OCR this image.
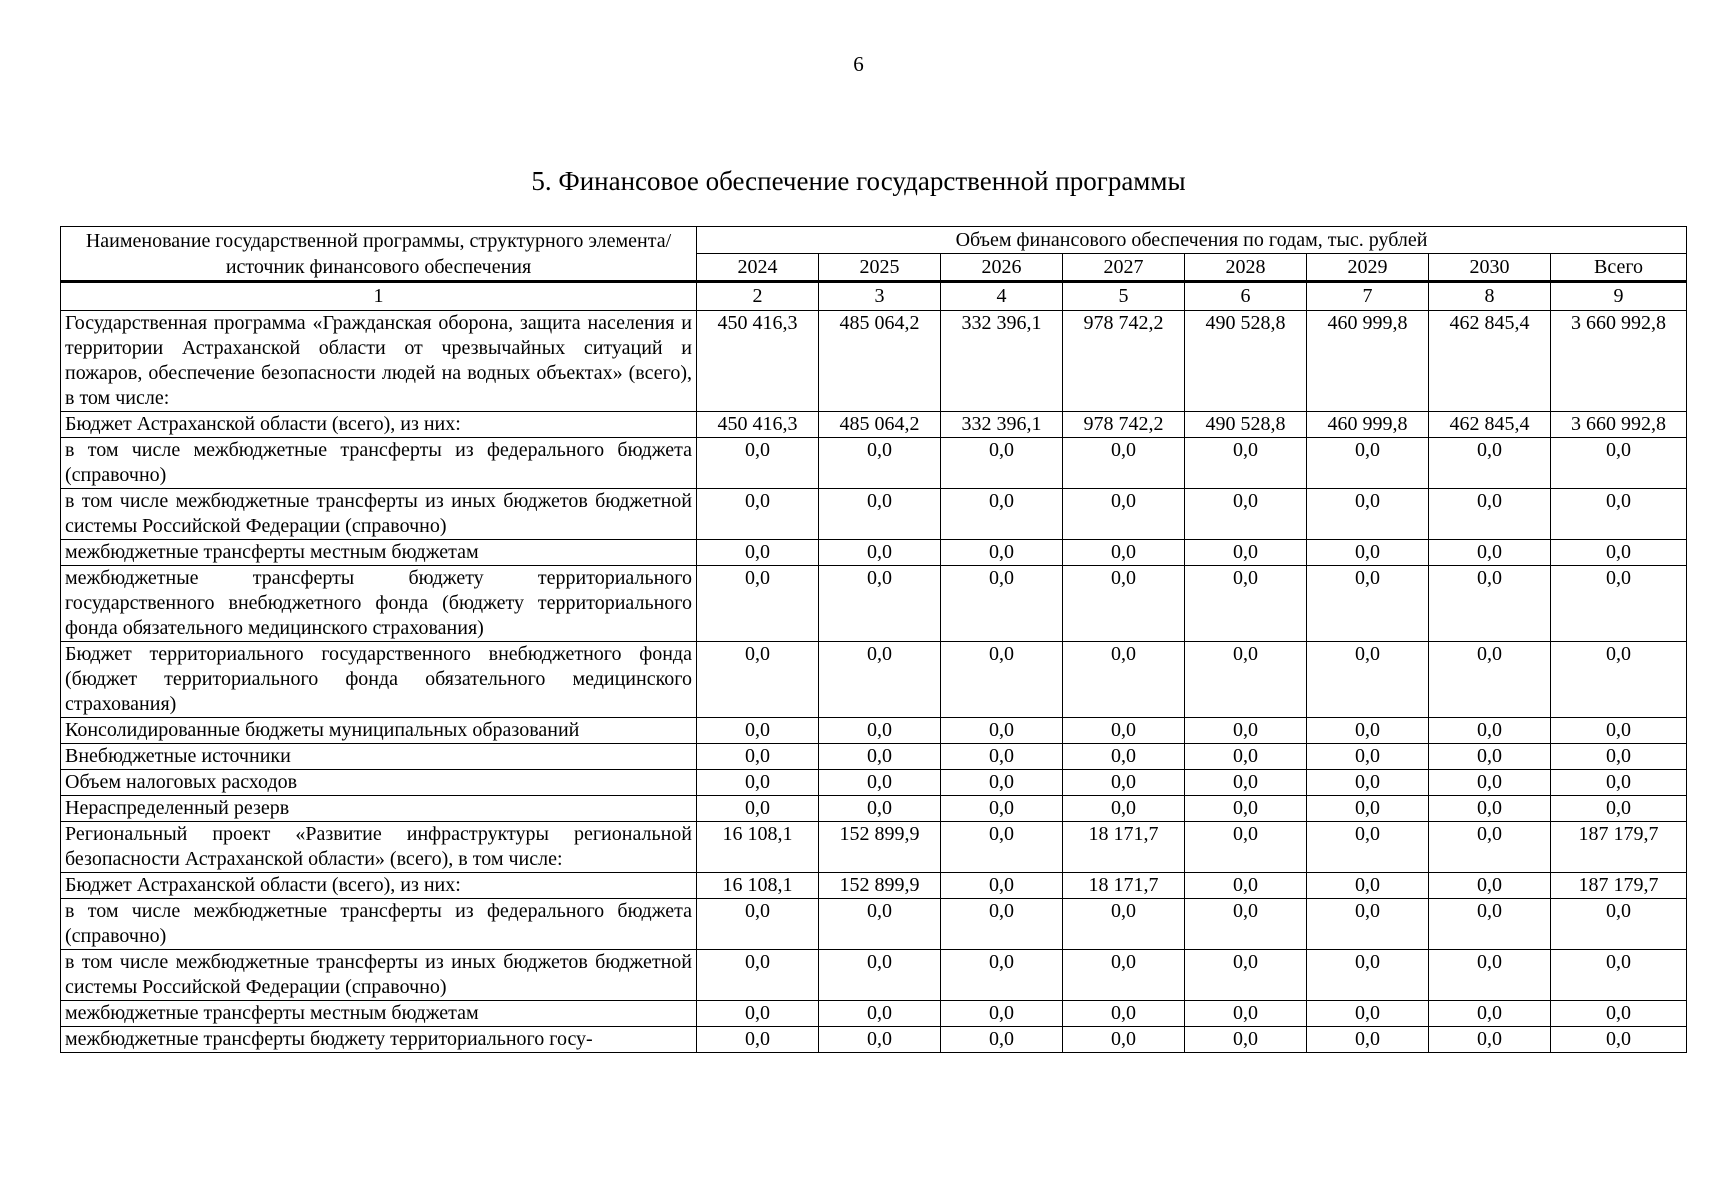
6
5. Финансовое обеспечение государственной программы
Наименование государственной программы, структурного элемента/источник финансового обеспечения	Объем финансового обеспечения по годам, тыс. рублей							
	2024	2025	2026	2027	2028	2029	2030	Всего
1	2	3	4	5	6	7	8	9
Государственная программа «Гражданская оборона, защита населения и территории Астраханской области от чрезвычайных ситуаций и пожаров, обеспечение безопасности людей на водных объектах» (всего), в том числе:	450 416,3	485 064,2	332 396,1	978 742,2	490 528,8	460 999,8	462 845,4	3 660 992,8
Бюджет Астраханской области (всего), из них:	450 416,3	485 064,2	332 396,1	978 742,2	490 528,8	460 999,8	462 845,4	3 660 992,8
в том числе межбюджетные трансферты из федерального бюджета (справочно)	0,0	0,0	0,0	0,0	0,0	0,0	0,0	0,0
в том числе межбюджетные трансферты из иных бюджетов бюджетной системы Российской Федерации (справочно)	0,0	0,0	0,0	0,0	0,0	0,0	0,0	0,0
межбюджетные трансферты местным бюджетам	0,0	0,0	0,0	0,0	0,0	0,0	0,0	0,0
межбюджетные трансферты бюджету территориального государственного внебюджетного фонда (бюджету территориального фонда обязательного медицинского страхования)	0,0	0,0	0,0	0,0	0,0	0,0	0,0	0,0
Бюджет территориального государственного внебюджетного фонда (бюджет территориального фонда обязательного медицинского страхования)	0,0	0,0	0,0	0,0	0,0	0,0	0,0	0,0
Консолидированные бюджеты муниципальных образований	0,0	0,0	0,0	0,0	0,0	0,0	0,0	0,0
Внебюджетные источники	0,0	0,0	0,0	0,0	0,0	0,0	0,0	0,0
Объем налоговых расходов	0,0	0,0	0,0	0,0	0,0	0,0	0,0	0,0
Нераспределенный резерв	0,0	0,0	0,0	0,0	0,0	0,0	0,0	0,0
Региональный проект «Развитие инфраструктуры региональной безопасности Астраханской области» (всего), в том числе:	16 108,1	152 899,9	0,0	18 171,7	0,0	0,0	0,0	187 179,7
Бюджет Астраханской области (всего), из них:	16 108,1	152 899,9	0,0	18 171,7	0,0	0,0	0,0	187 179,7
в том числе межбюджетные трансферты из федерального бюджета (справочно)	0,0	0,0	0,0	0,0	0,0	0,0	0,0	0,0
в том числе межбюджетные трансферты из иных бюджетов бюджетной системы Российской Федерации (справочно)	0,0	0,0	0,0	0,0	0,0	0,0	0,0	0,0
межбюджетные трансферты местным бюджетам	0,0	0,0	0,0	0,0	0,0	0,0	0,0	0,0
межбюджетные трансферты бюджету территориального госу-	0,0	0,0	0,0	0,0	0,0	0,0	0,0	0,0
